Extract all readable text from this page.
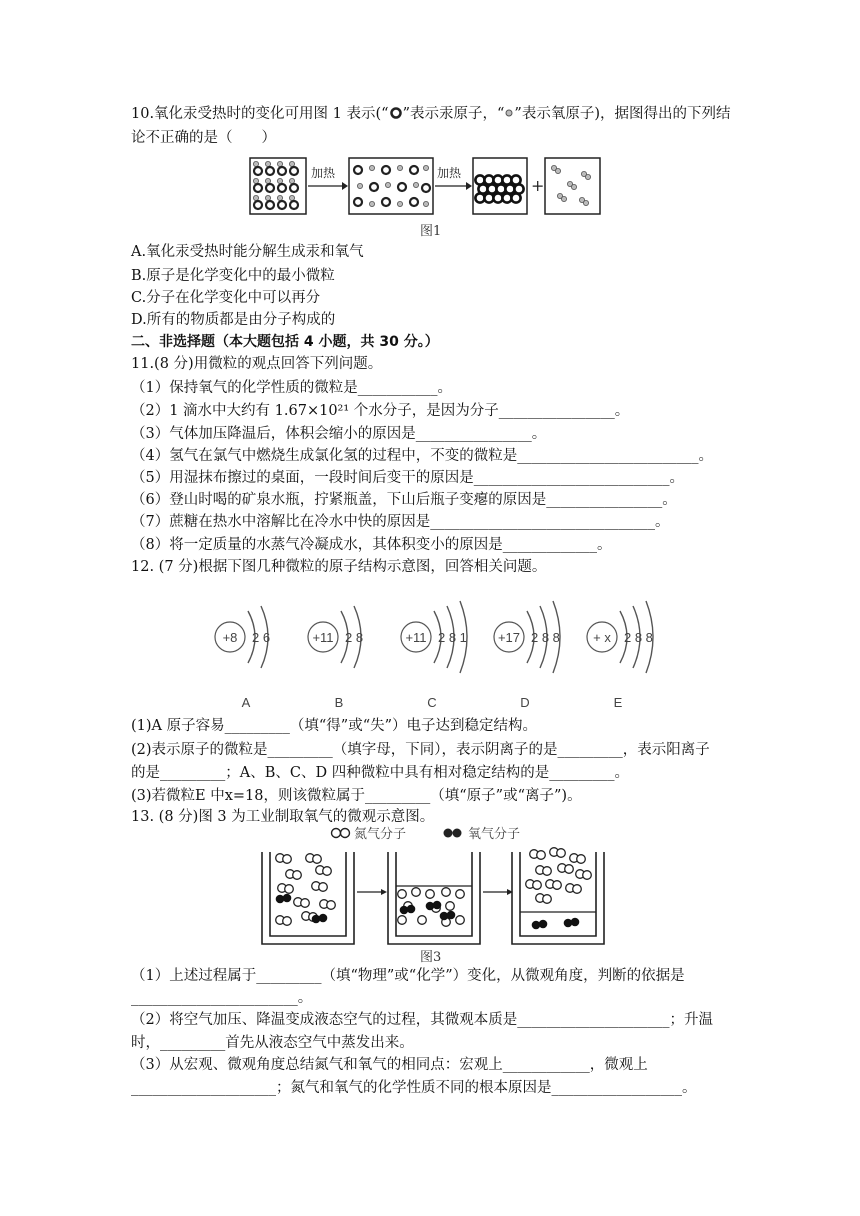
10.氧化汞受热时的变化可用图 1 表示(“ ”表示汞原子，“ ”表示氧原子)，据图得出的下列结
论不正确的是（　　）
加热	加热
+
图1
A.氧化汞受热时能分解生成汞和氧气
B.原子是化学变化中的最小微粒
C.分子在化学变化中可以再分
D.所有的物质都是由分子构成的
二、非选择题（本大题包括 4 小题，共 30 分。）
11.(8 分)用微粒的观点回答下列问题。
（1）保持氧气的化学性质的微粒是___________。
（2）1 滴水中大约有 1.67×10²¹ 个水分子，是因为分子________________。
（3）气体加压降温后，体积会缩小的原因是________________。
（4）氢气在氯气中燃烧生成氯化氢的过程中，不变的微粒是_________________________。
（5）用湿抹布擦过的桌面，一段时间后变干的原因是___________________________。
（6）登山时喝的矿泉水瓶，拧紧瓶盖，下山后瓶子变瘪的原因是________________。
（7）蔗糖在热水中溶解比在冷水中快的原因是_______________________________。
（8）将一定质量的水蒸气冷凝成水，其体积变小的原因是_____________。
12. (7 分)根据下图几种微粒的原子结构示意图，回答相关问题。
+8 2 6
A
+11 2 8
B
+11 2 8 1
C
+17 2 8 8
D
+ x 2 8 8
E
(1)A 原子容易_________（填“得”或“失”）电子达到稳定结构。
(2)表示原子的微粒是_________（填字母，下同），表示阴离子的是_________，表示阳离子
的是_________；A、B、C、D 四种微粒中具有相对稳定结构的是_________。
(3)若微粒E 中x=18，则该微粒属于_________（填“原子”或“离子”)。
13. (8 分)图 3 为工业制取氧气的微观示意图。
氮气分子	氧气分子
图3
（1）上述过程属于_________（填“物理”或“化学”）变化，从微观角度，判断的依据是
_______________________。
（2）将空气加压、降温变成液态空气的过程，其微观本质是_____________________；升温
时，_________首先从液态空气中蒸发出来。
（3）从宏观、微观角度总结氮气和氧气的相同点：宏观上____________，微观上
____________________；氮气和氧气的化学性质不同的根本原因是__________________。
